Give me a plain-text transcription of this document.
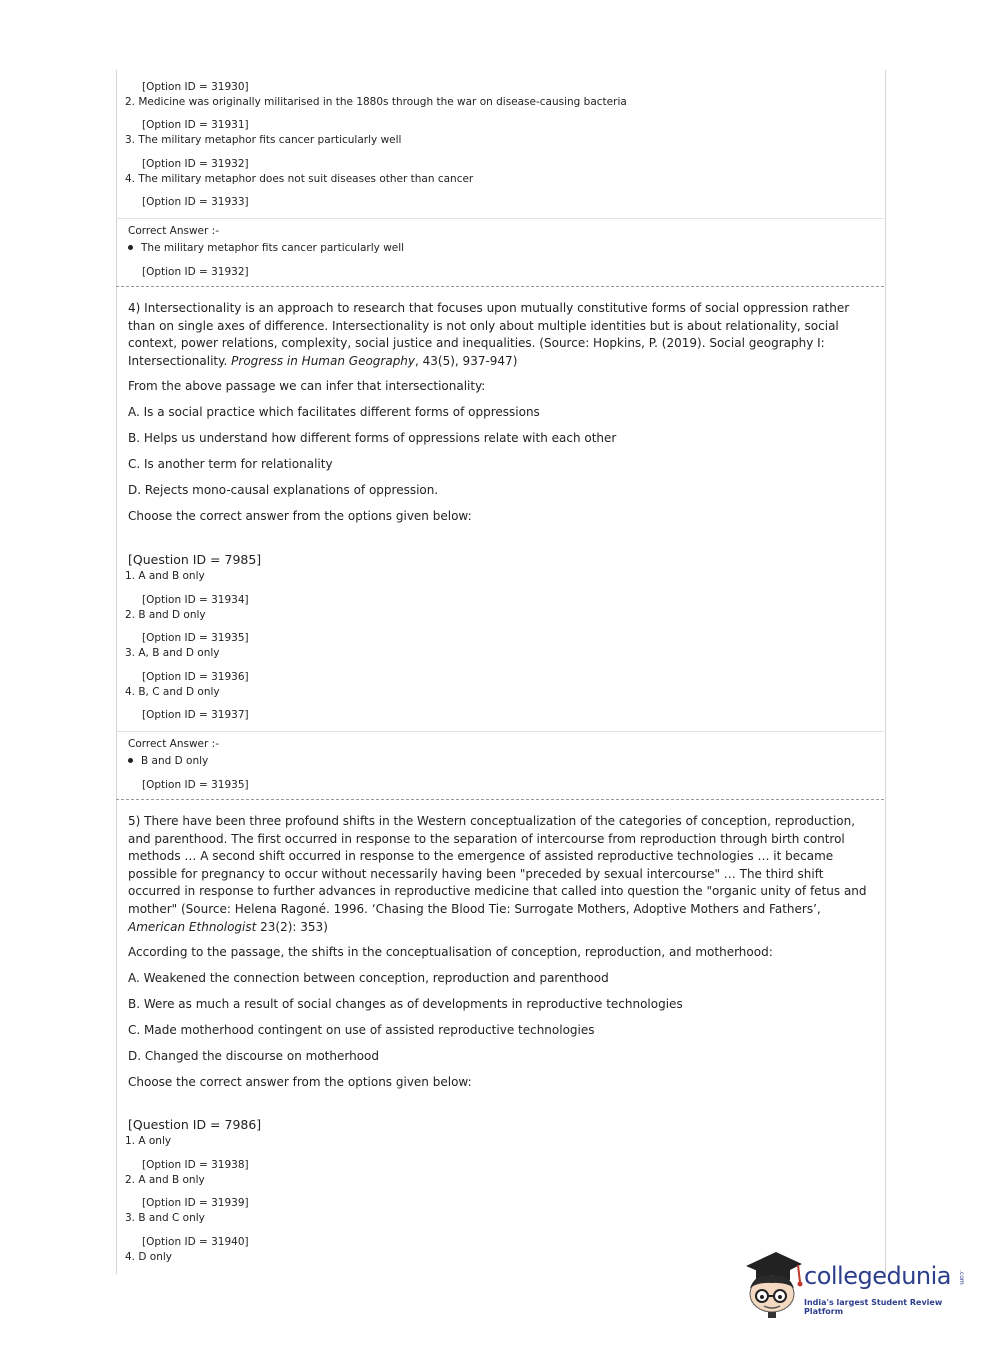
[Option ID = 31930]
2. Medicine was originally militarised in the 1880s through the war on disease-causing bacteria
[Option ID = 31931]
3. The military metaphor fits cancer particularly well
[Option ID = 31932]
4. The military metaphor does not suit diseases other than cancer
[Option ID = 31933]
Correct Answer :-
The military metaphor fits cancer particularly well
[Option ID = 31932]
4) Intersectionality is an approach to research that focuses upon mutually constitutive forms of social oppression rather than on single axes of difference. Intersectionality is not only about multiple identities but is about relationality, social context, power relations, complexity, social justice and inequalities. (Source: Hopkins, P. (2019). Social geography I: Intersectionality. Progress in Human Geography, 43(5), 937-947)
From the above passage we can infer that intersectionality:
A. Is a social practice which facilitates different forms of oppressions
B. Helps us understand how different forms of oppressions relate with each other
C. Is another term for relationality
D. Rejects mono-causal explanations of oppression.
Choose the correct answer from the options given below:
[Question ID = 7985]
1. A and B only
[Option ID = 31934]
2. B and D only
[Option ID = 31935]
3. A, B and D only
[Option ID = 31936]
4. B, C and D only
[Option ID = 31937]
Correct Answer :-
B and D only
[Option ID = 31935]
5) There have been three profound shifts in the Western conceptualization of the categories of conception, reproduction, and parenthood. The first occurred in response to the separation of intercourse from reproduction through birth control methods … A second shift occurred in response to the emergence of assisted reproductive technologies … it became possible for pregnancy to occur without necessarily having been "preceded by sexual intercourse" … The third shift occurred in response to further advances in reproductive medicine that called into question the "organic unity of fetus and mother" (Source: Helena Ragoné. 1996. ‘Chasing the Blood Tie: Surrogate Mothers, Adoptive Mothers and Fathers’, American Ethnologist 23(2): 353)
According to the passage, the shifts in the conceptualisation of conception, reproduction, and motherhood:
A. Weakened the connection between conception, reproduction and parenthood
B. Were as much a result of social changes as of developments in reproductive technologies
C. Made motherhood contingent on use of assisted reproductive technologies
D. Changed the discourse on motherhood
Choose the correct answer from the options given below:
[Question ID = 7986]
1. A only
[Option ID = 31938]
2. A and B only
[Option ID = 31939]
3. B and C only
[Option ID = 31940]
4. D only
collegedunia .com
India's largest Student Review Platform
